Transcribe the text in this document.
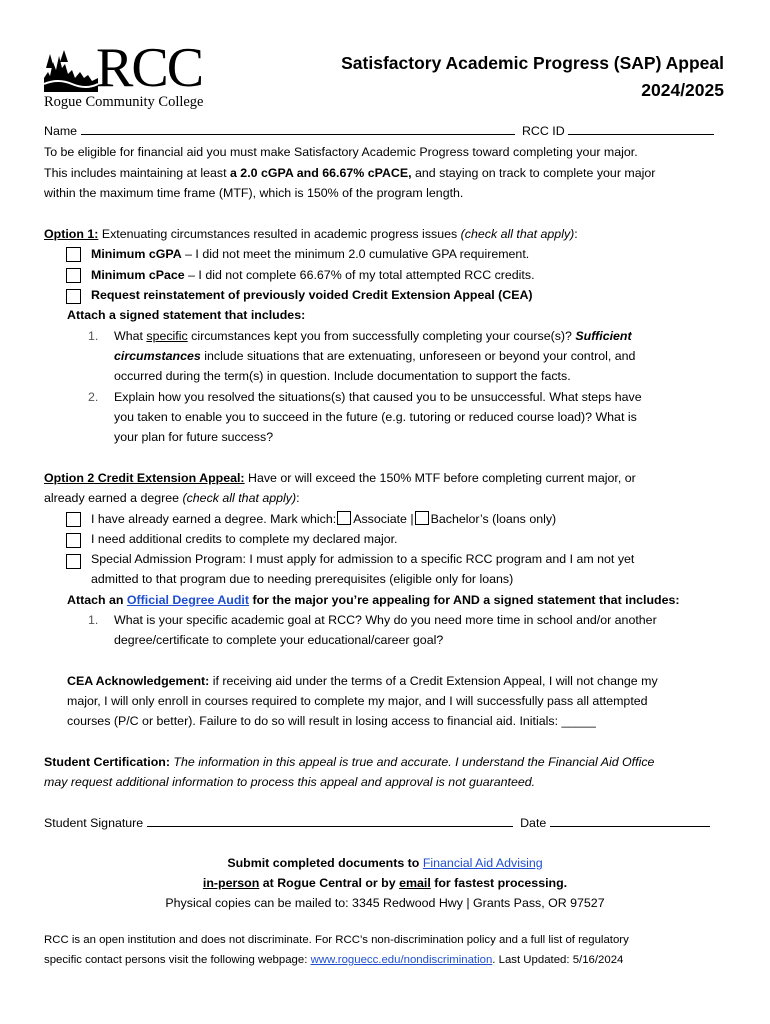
RCC
Rogue Community College
Satisfactory Academic Progress (SAP) Appeal
2024/2025
Name	RCC ID
To be eligible for financial aid you must make Satisfactory Academic Progress toward completing your major.
This includes maintaining at least a 2.0 cGPA and 66.67% cPACE, and staying on track to complete your major
within the maximum time frame (MTF), which is 150% of the program length.
Option 1: Extenuating circumstances resulted in academic progress issues (check all that apply):
Minimum cGPA – I did not meet the minimum 2.0 cumulative GPA requirement.
Minimum cPace – I did not complete 66.67% of my total attempted RCC credits.
Request reinstatement of previously voided Credit Extension Appeal (CEA)
Attach a signed statement that includes:
1. What specific circumstances kept you from successfully completing your course(s)? Sufficient
circumstances include situations that are extenuating, unforeseen or beyond your control, and
occurred during the term(s) in question. Include documentation to support the facts.
2. Explain how you resolved the situations(s) that caused you to be unsuccessful. What steps have
you taken to enable you to succeed in the future (e.g. tutoring or reduced course load)? What is
your plan for future success?
Option 2 Credit Extension Appeal: Have or will exceed the 150% MTF before completing current major, or
already earned a degree (check all that apply):
I have already earned a degree. Mark which: Associate | Bachelor’s (loans only)
I need additional credits to complete my declared major.
Special Admission Program: I must apply for admission to a specific RCC program and I am not yet
admitted to that program due to needing prerequisites (eligible only for loans)
Attach an Official Degree Audit for the major you’re appealing for AND a signed statement that includes:
1. What is your specific academic goal at RCC? Why do you need more time in school and/or another
degree/certificate to complete your educational/career goal?
CEA Acknowledgement: if receiving aid under the terms of a Credit Extension Appeal, I will not change my
major, I will only enroll in courses required to complete my major, and I will successfully pass all attempted
courses (P/C or better). Failure to do so will result in losing access to financial aid. Initials: _____
Student Certification: The information in this appeal is true and accurate. I understand the Financial Aid Office
may request additional information to process this appeal and approval is not guaranteed.
Student Signature	Date
Submit completed documents to Financial Aid Advising
in-person at Rogue Central or by email for fastest processing.
Physical copies can be mailed to: 3345 Redwood Hwy | Grants Pass, OR 97527
RCC is an open institution and does not discriminate. For RCC’s non-discrimination policy and a full list of regulatory
specific contact persons visit the following webpage: www.roguecc.edu/nondiscrimination. Last Updated: 5/16/2024
